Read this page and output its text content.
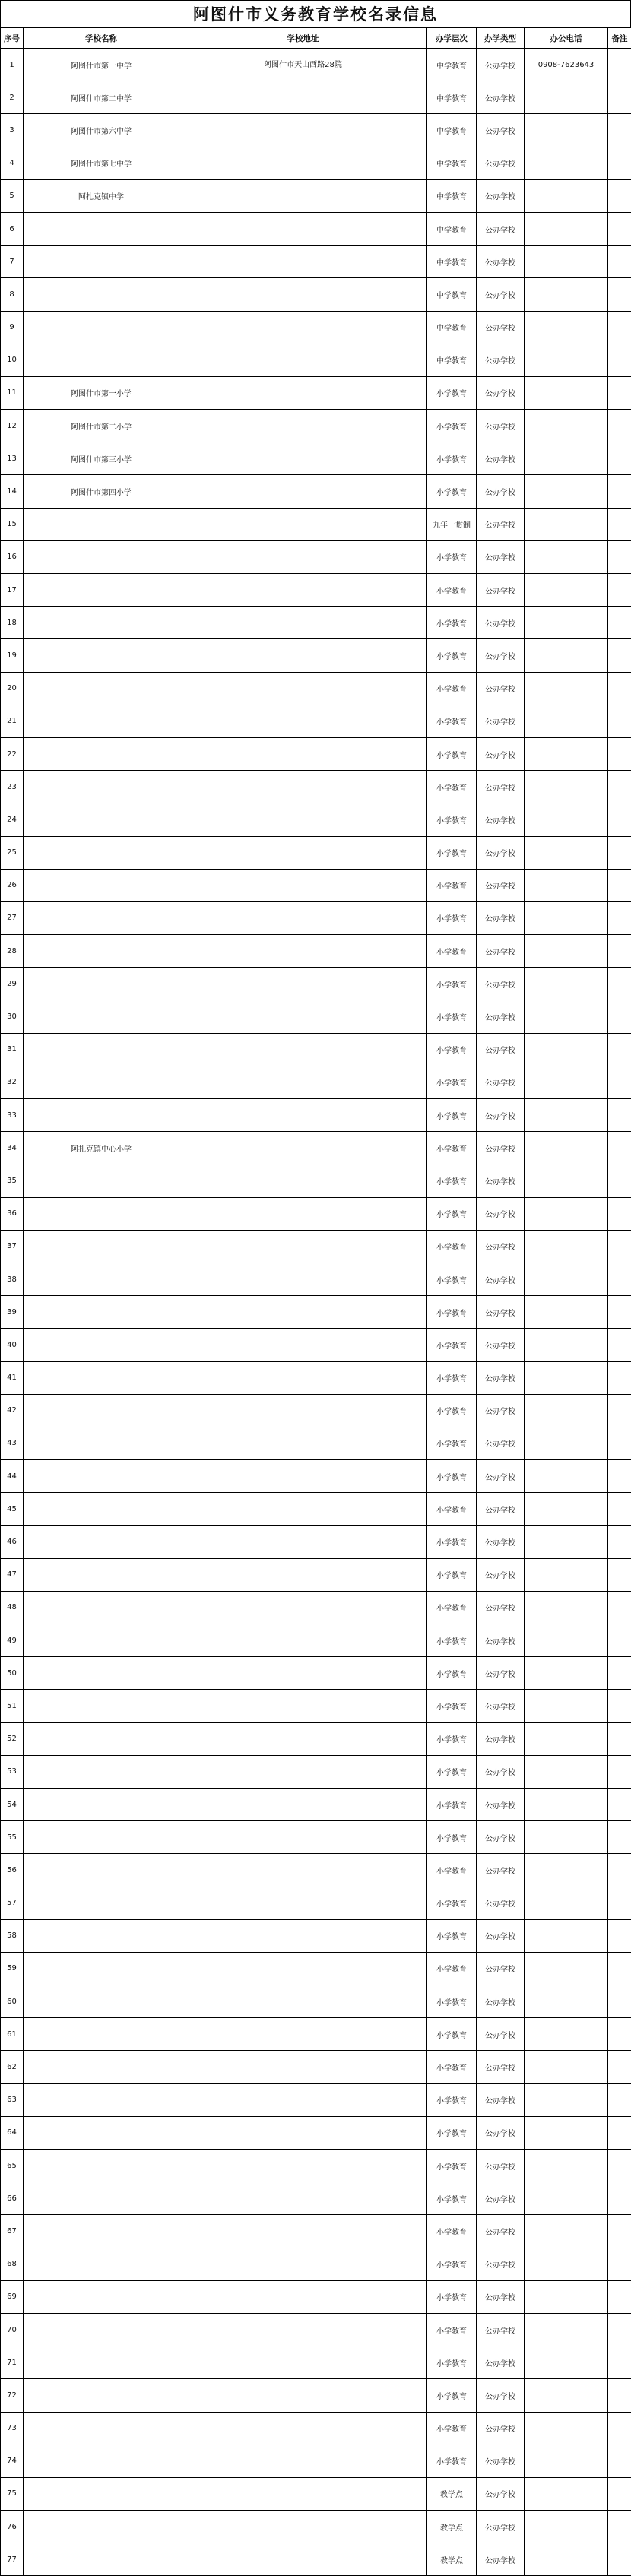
阿图什市义务教育学校名录信息
序号	学校名称	学校地址	办学层次	办学类型	办公电话	备注
1	阿图什市第一中学	阿图什市天山西路28院	中学教育	公办学校	0908-7623643	
2	阿图什市第二中学		中学教育	公办学校		
3	阿图什市第六中学		中学教育	公办学校		
4	阿图什市第七中学		中学教育	公办学校		
5	阿扎克镇中学		中学教育	公办学校		
6			中学教育	公办学校		
7			中学教育	公办学校		
8			中学教育	公办学校		
9			中学教育	公办学校		
10			中学教育	公办学校		
11	阿图什市第一小学		小学教育	公办学校		
12	阿图什市第二小学		小学教育	公办学校		
13	阿图什市第三小学		小学教育	公办学校		
14	阿图什市第四小学		小学教育	公办学校		
15			九年一贯制	公办学校		
16			小学教育	公办学校		
17			小学教育	公办学校		
18			小学教育	公办学校		
19			小学教育	公办学校		
20			小学教育	公办学校		
21			小学教育	公办学校		
22			小学教育	公办学校		
23			小学教育	公办学校		
24			小学教育	公办学校		
25			小学教育	公办学校		
26			小学教育	公办学校		
27			小学教育	公办学校		
28			小学教育	公办学校		
29			小学教育	公办学校		
30			小学教育	公办学校		
31			小学教育	公办学校		
32			小学教育	公办学校		
33			小学教育	公办学校		
34	阿扎克镇中心小学		小学教育	公办学校		
35			小学教育	公办学校		
36			小学教育	公办学校		
37			小学教育	公办学校		
38			小学教育	公办学校		
39			小学教育	公办学校		
40			小学教育	公办学校		
41			小学教育	公办学校		
42			小学教育	公办学校		
43			小学教育	公办学校		
44			小学教育	公办学校		
45			小学教育	公办学校		
46			小学教育	公办学校		
47			小学教育	公办学校		
48			小学教育	公办学校		
49			小学教育	公办学校		
50			小学教育	公办学校		
51			小学教育	公办学校		
52			小学教育	公办学校		
53			小学教育	公办学校		
54			小学教育	公办学校		
55			小学教育	公办学校		
56			小学教育	公办学校		
57			小学教育	公办学校		
58			小学教育	公办学校		
59			小学教育	公办学校		
60			小学教育	公办学校		
61			小学教育	公办学校		
62			小学教育	公办学校		
63			小学教育	公办学校		
64			小学教育	公办学校		
65			小学教育	公办学校		
66			小学教育	公办学校		
67			小学教育	公办学校		
68			小学教育	公办学校		
69			小学教育	公办学校		
70			小学教育	公办学校		
71			小学教育	公办学校		
72			小学教育	公办学校		
73			小学教育	公办学校		
74			小学教育	公办学校		
75			教学点	公办学校		
76			教学点	公办学校		
77			教学点	公办学校		
